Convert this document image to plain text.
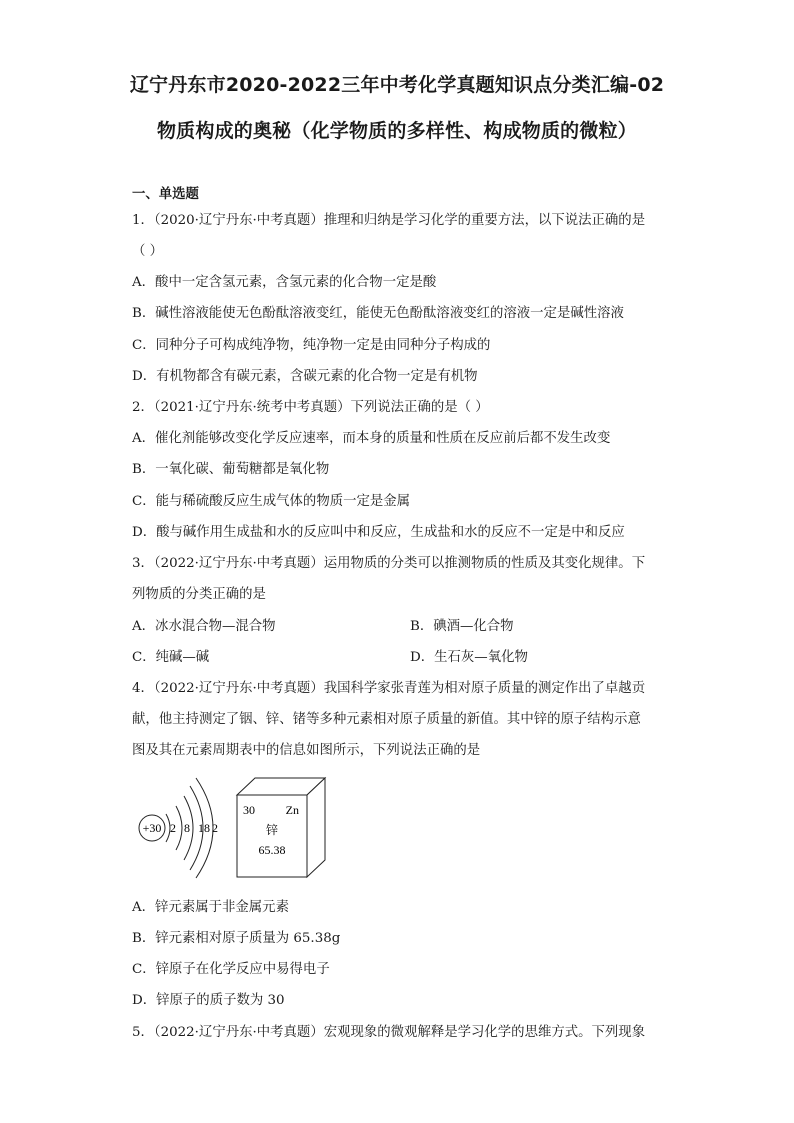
辽宁丹东市2020-2022三年中考化学真题知识点分类汇编-02
物质构成的奥秘（化学物质的多样性、构成物质的微粒）
一、单选题
1．（2020·辽宁丹东·中考真题）推理和归纳是学习化学的重要方法，以下说法正确的是
（ ）
A．酸中一定含氢元素，含氢元素的化合物一定是酸
B．碱性溶液能使无色酚酞溶液变红，能使无色酚酞溶液变红的溶液一定是碱性溶液
C．同种分子可构成纯净物，纯净物一定是由同种分子构成的
D．有机物都含有碳元素，含碳元素的化合物一定是有机物
2．（2021·辽宁丹东·统考中考真题）下列说法正确的是（ ）
A．催化剂能够改变化学反应速率，而本身的质量和性质在反应前后都不发生改变
B．一氧化碳、葡萄糖都是氧化物
C．能与稀硫酸反应生成气体的物质一定是金属
D．酸与碱作用生成盐和水的反应叫中和反应，生成盐和水的反应不一定是中和反应
3．（2022·辽宁丹东·中考真题）运用物质的分类可以推测物质的性质及其变化规律。下
列物质的分类正确的是
A．冰水混合物—混合物	B．碘酒—化合物
C．纯碱—碱	D．生石灰—氧化物
4．（2022·辽宁丹东·中考真题）我国科学家张青莲为相对原子质量的测定作出了卓越贡
献，他主持测定了铟、锌、锗等多种元素相对原子质量的新值。其中锌的原子结构示意
图及其在元素周期表中的信息如图所示，下列说法正确的是
+30 2 8 18 2
30	Zn
锌
65.38
A．锌元素属于非金属元素
B．锌元素相对原子质量为 65.38g
C．锌原子在化学反应中易得电子
D．锌原子的质子数为 30
5．（2022·辽宁丹东·中考真题）宏观现象的微观解释是学习化学的思维方式。下列现象
